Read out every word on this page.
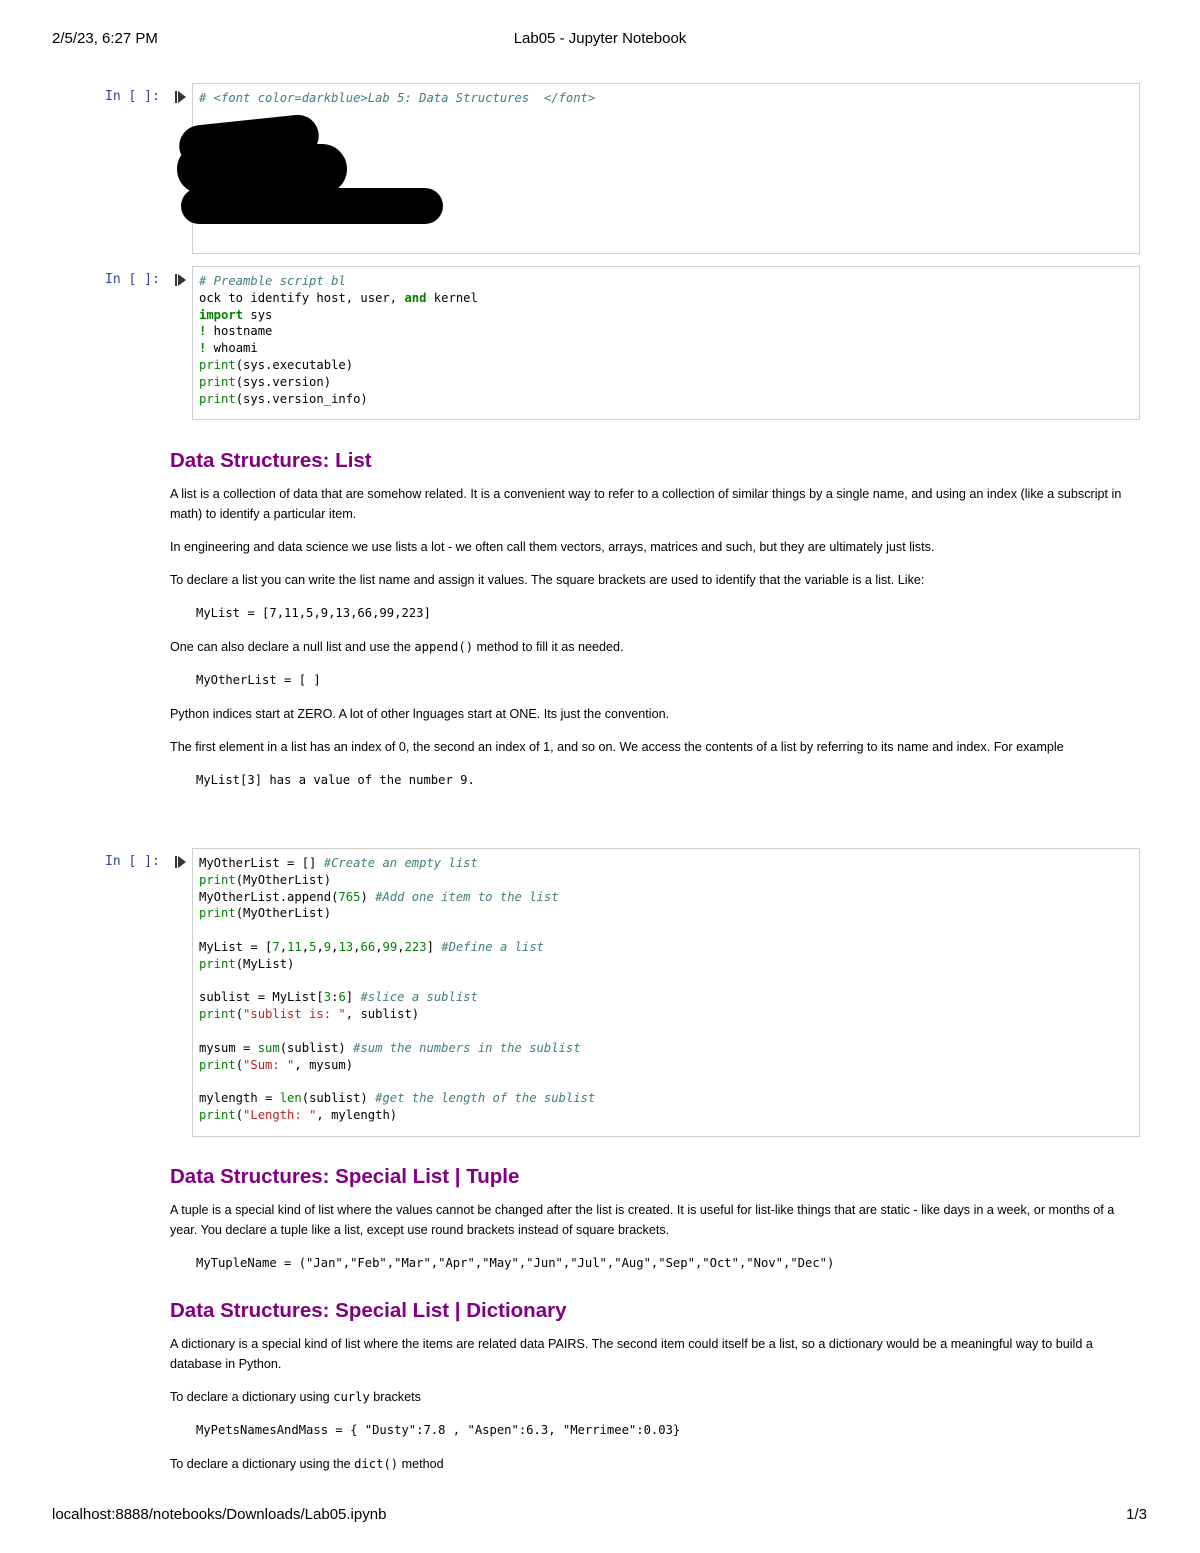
2/5/23, 6:27 PM	Lab05 - Jupyter Notebook
In [ ]:	# <font color=darkblue>Lab 5: Data Structures  </font>
In [ ]:	# Preamble script bl
ock to identify host, user, and kernel
import sys
! hostname
! whoami
print(sys.executable)
print(sys.version)
print(sys.version_info)
Data Structures: List

A list is a collection of data that are somehow related. It is a convenient way to refer to a collection of similar things by a single name, and using an index (like a subscript in math) to identify a particular item.

In engineering and data science we use lists a lot - we often call them vectors, arrays, matrices and such, but they are ultimately just lists.

To declare a list you can write the list name and assign it values. The square brackets are used to identify that the variable is a list. Like:

MyList = [7,11,5,9,13,66,99,223]

One can also declare a null list and use the append() method to fill it as needed.

MyOtherList = [ ]

Python indices start at ZERO. A lot of other lnguages start at ONE. Its just the convention.

The first element in a list has an index of 0, the second an index of 1, and so on. We access the contents of a list by referring to its name and index. For example

MyList[3] has a value of the number 9.

In [ ]:	MyOtherList = [] #Create an empty list
print(MyOtherList)
MyOtherList.append(765) #Add one item to the list
print(MyOtherList)

MyList = [7,11,5,9,13,66,99,223] #Define a list
print(MyList)

sublist = MyList[3:6] #slice a sublist
print("sublist is: ", sublist)

mysum = sum(sublist) #sum the numbers in the sublist
print("Sum: ", mysum)

mylength = len(sublist) #get the length of the sublist
print("Length: ", mylength)
Data Structures: Special List | Tuple

A tuple is a special kind of list where the values cannot be changed after the list is created. It is useful for list-like things that are static - like days in a week, or months of a year. You declare a tuple like a list, except use round brackets instead of square brackets.

MyTupleName = ("Jan","Feb","Mar","Apr","May","Jun","Jul","Aug","Sep","Oct","Nov","Dec")

Data Structures: Special List | Dictionary

A dictionary is a special kind of list where the items are related data PAIRS. The second item could itself be a list, so a dictionary would be a meaningful way to build a database in Python.

To declare a dictionary using curly brackets

MyPetsNamesAndMass = { "Dusty":7.8 , "Aspen":6.3, "Merrimee":0.03}

To declare a dictionary using the dict() method

localhost:8888/notebooks/Downloads/Lab05.ipynb	1/3
